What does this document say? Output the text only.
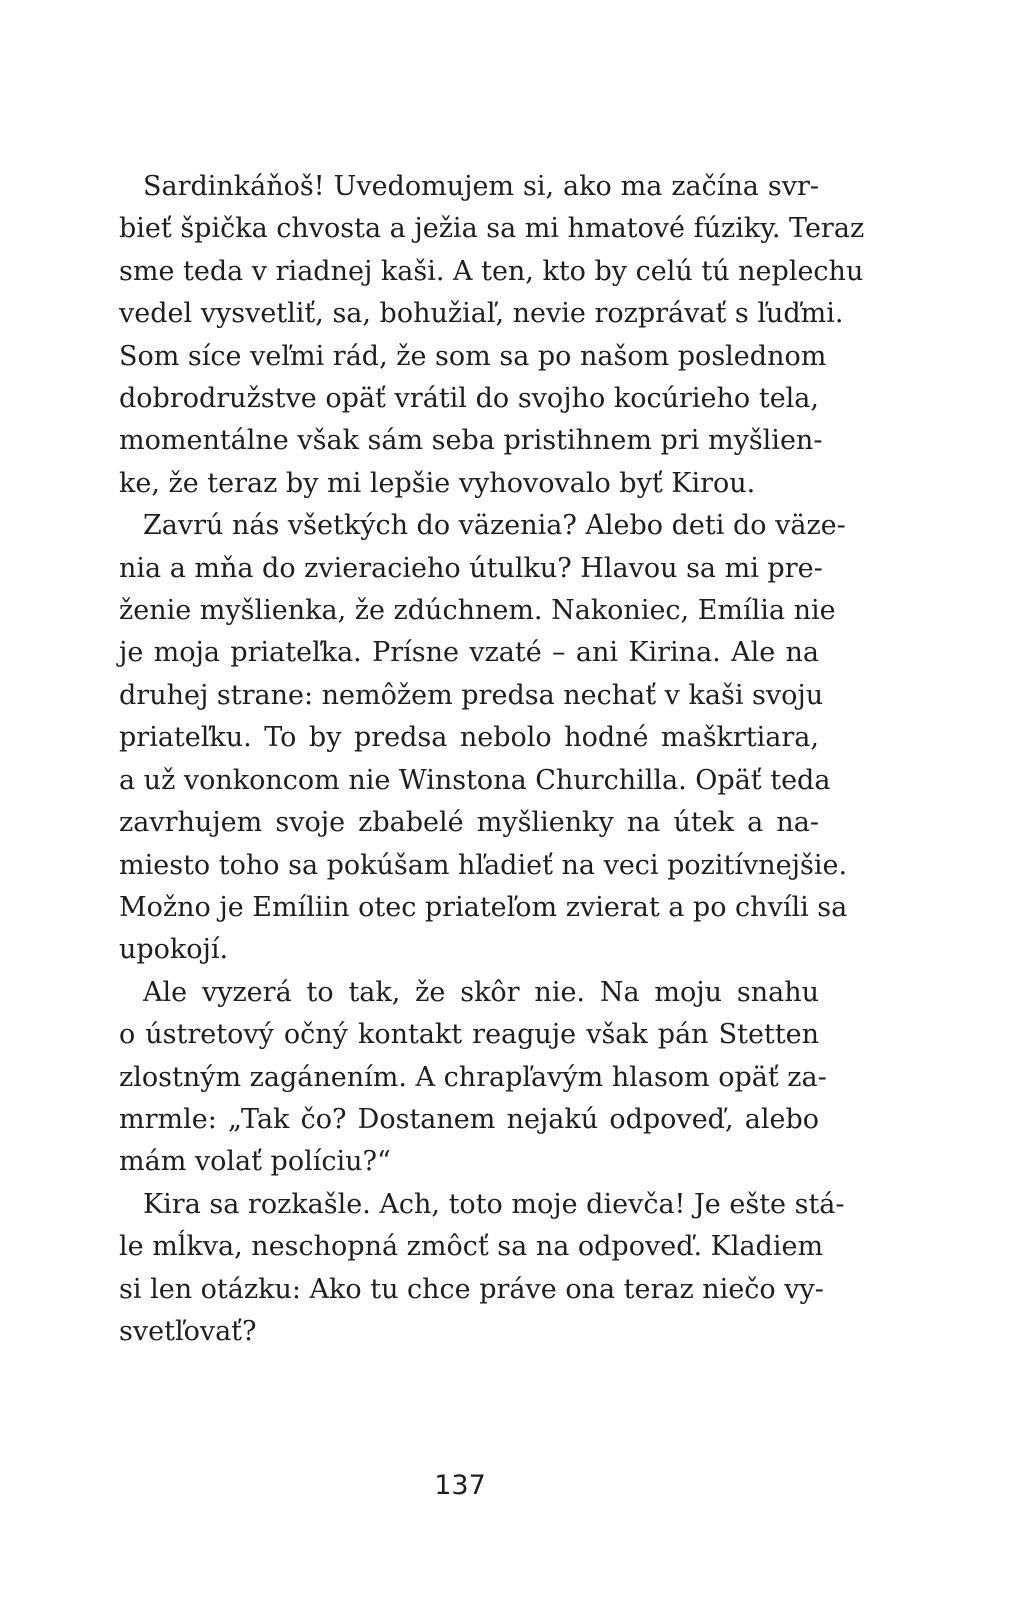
Sardinkáňoš! Uvedomujem si, ako ma začína svr-
bieť špička chvosta a ježia sa mi hmatové fúziky. Teraz
sme teda v riadnej kaši. A ten, kto by celú tú neplechu
vedel vysvetliť, sa, bohužiaľ, nevie rozprávať s ľuďmi.
Som síce veľmi rád, že som sa po našom poslednom
dobrodružstve opäť vrátil do svojho kocúrieho tela,
momentálne však sám seba pristihnem pri myšlien-
ke, že teraz by mi lepšie vyhovovalo byť Kirou.
Zavrú nás všetkých do väzenia? Alebo deti do väze-
nia a mňa do zvieracieho útulku? Hlavou sa mi pre-
ženie myšlienka, že zdúchnem. Nakoniec, Emília nie
je moja priateľka. Prísne vzaté – ani Kirina. Ale na
druhej strane: nemôžem predsa nechať v kaši svoju
priateľku. To by predsa nebolo hodné maškrtiara,
a už vonkoncom nie Winstona Churchilla. Opäť teda
zavrhujem svoje zbabelé myšlienky na útek a na-
miesto toho sa pokúšam hľadieť na veci pozitívnejšie.
Možno je Emíliin otec priateľom zvierat a po chvíli sa
upokojí.
Ale vyzerá to tak, že skôr nie. Na moju snahu
o ústretový očný kontakt reaguje však pán Stetten
zlostným zagánením. A chrapľavým hlasom opäť za-
mrmle: „Tak čo? Dostanem nejakú odpoveď, alebo
mám volať políciu?“
Kira sa rozkašle. Ach, toto moje dievča! Je ešte stá-
le mĺkva, neschopná zmôcť sa na odpoveď. Kladiem
si len otázku: Ako tu chce práve ona teraz niečo vy-
svetľovať?
137
